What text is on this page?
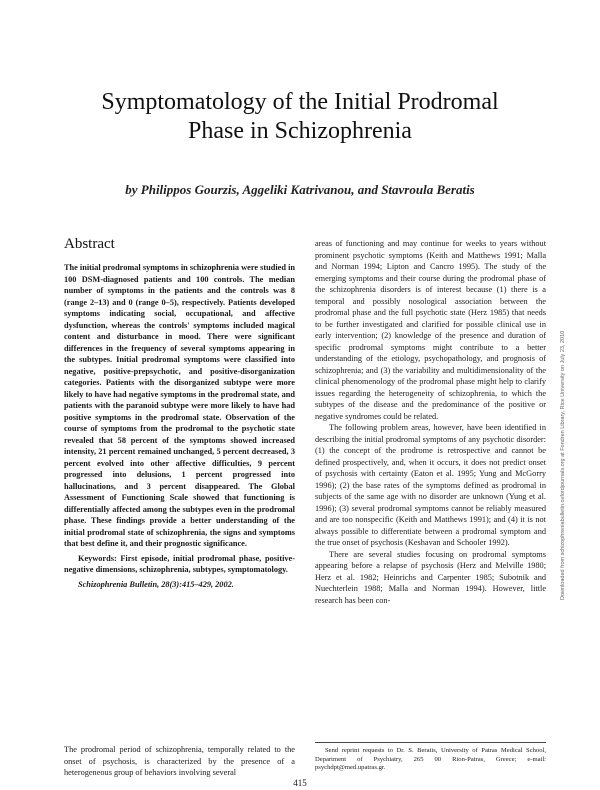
Symptomatology of the Initial Prodromal
Phase in Schizophrenia
by Philippos Gourzis, Aggeliki Katrivanou, and Stavroula Beratis
Abstract
The initial prodromal symptoms in schizophrenia were studied in 100 DSM-diagnosed patients and 100 controls. The median number of symptoms in the patients and the controls was 8 (range 2–13) and 0 (range 0–5), respectively. Patients developed symptoms indicating social, occupational, and affective dysfunction, whereas the controls' symptoms included magical content and disturbance in mood. There were significant differences in the frequency of several symptoms appearing in the subtypes. Initial prodromal symptoms were classified into negative, positive-prepsychotic, and positive-disorganization categories. Patients with the disorganized subtype were more likely to have had negative symptoms in the prodromal state, and patients with the paranoid subtype were more likely to have had positive symptoms in the prodromal state. Observation of the course of symptoms from the prodromal to the psychotic state revealed that 58 percent of the symptoms showed increased intensity, 21 percent remained unchanged, 5 percent decreased, 3 percent evolved into other affective difficulties, 9 percent progressed into delusions, 1 percent progressed into hallucinations, and 3 percent disappeared. The Global Assessment of Functioning Scale showed that functioning is differentially affected among the subtypes even in the prodromal phase. These findings provide a better understanding of the initial prodromal state of schizophrenia, the signs and symptoms that best define it, and their prognostic significance.
Keywords: First episode, initial prodromal phase, positive-negative dimensions, schizophrenia, subtypes, symptomatology.
Schizophrenia Bulletin, 28(3):415–429, 2002.
The prodromal period of schizophrenia, temporally related to the onset of psychosis, is characterized by the presence of a heterogeneous group of behaviors involving several

areas of functioning and may continue for weeks to years without prominent psychotic symptoms (Keith and Matthews 1991; Malla and Norman 1994; Lipton and Cancro 1995). The study of the emerging symptoms and their course during the prodromal phase of the schizophrenia disorders is of interest because (1) there is a temporal and possibly nosological association between the prodromal phase and the full psychotic state (Herz 1985) that needs to be further investigated and clarified for possible clinical use in early intervention; (2) knowledge of the presence and duration of specific prodromal symptoms might contribute to a better understanding of the etiology, psychopathology, and prognosis of schizophrenia; and (3) the variability and multidimensionality of the clinical phenomenology of the prodromal phase might help to clarify issues regarding the heterogeneity of schizophrenia, to which the subtypes of the disease and the predominance of the positive or negative syndromes could be related.

The following problem areas, however, have been identified in describing the initial prodromal symptoms of any psychotic disorder: (1) the concept of the prodrome is retrospective and cannot be defined prospectively, and, when it occurs, it does not predict onset of psychosis with certainty (Eaton et al. 1995; Yung and McGorry 1996); (2) the base rates of the symptoms defined as prodromal in subjects of the same age with no disorder are unknown (Yung et al. 1996); (3) several prodromal symptoms cannot be reliably measured and are too nonspecific (Keith and Matthews 1991); and (4) it is not always possible to differentiate between a prodromal symptom and the true onset of psychosis (Keshavan and Schooler 1992).

There are several studies focusing on prodromal symptoms appearing before a relapse of psychosis (Herz and Melville 1980; Herz et al. 1982; Heinrichs and Carpenter 1985; Subotnik and Nuechterlein 1988; Malla and Norman 1994). However, little research has been con-

Send reprint requests to Dr. S. Beratis, University of Patras Medical School, Department of Psychiatry, 265 00 Rion-Patras, Greece; e-mail: psychdpt@med.upatras.gr.
415
Downloaded from schizophreniabulletin.oxfordjournals.org at Fondren Library, Rice University on July 23, 2010
